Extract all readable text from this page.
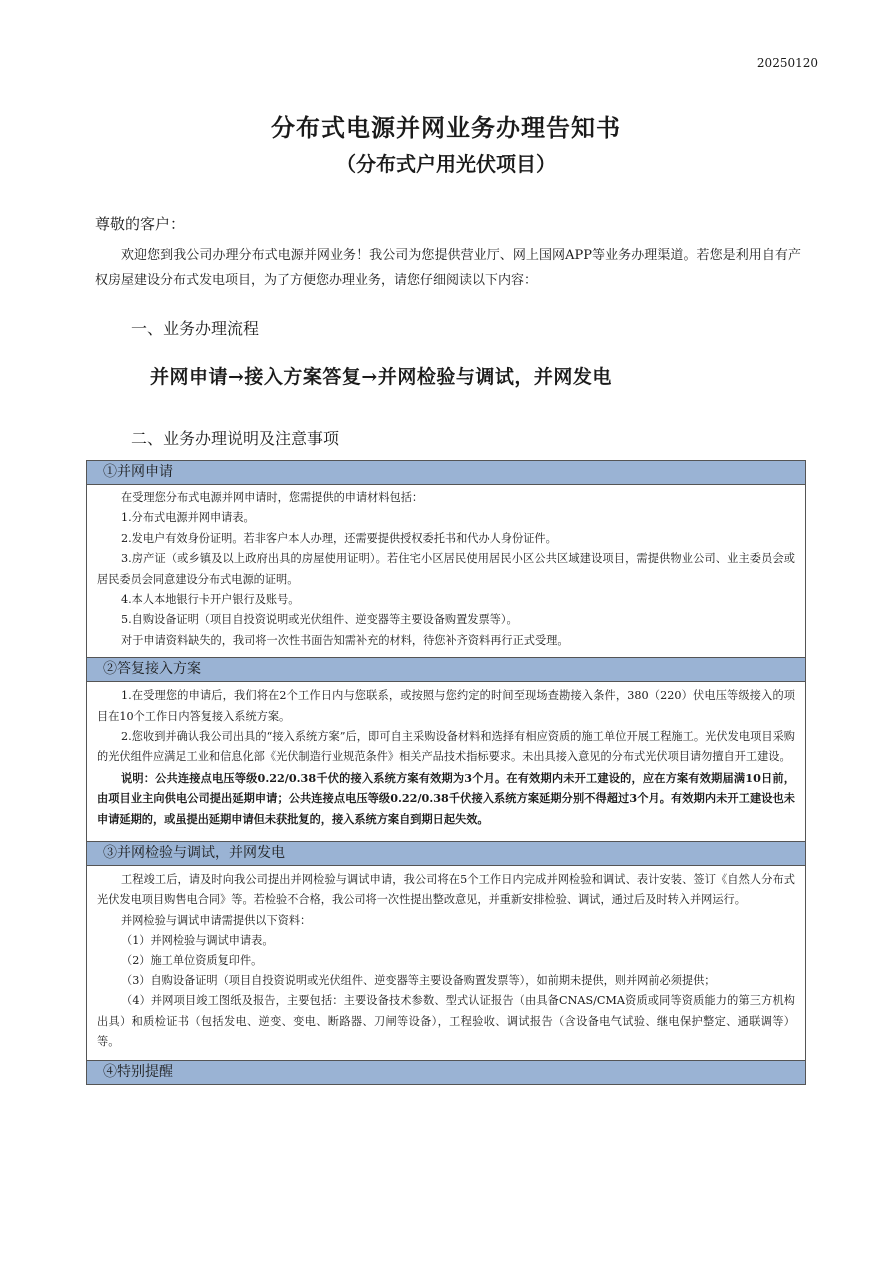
20250120
分布式电源并网业务办理告知书
（分布式户用光伏项目）
尊敬的客户：
欢迎您到我公司办理分布式电源并网业务！我公司为您提供营业厅、网上国网APP等业务办理渠道。若您是利用自有产权房屋建设分布式发电项目，为了方便您办理业务，请您仔细阅读以下内容：
一、业务办理流程
并网申请→接入方案答复→并网检验与调试，并网发电
二、业务办理说明及注意事项
①并网申请

在受理您分布式电源并网申请时，您需提供的申请材料包括：

1.分布式电源并网申请表。

2.发电户有效身份证明。若非客户本人办理，还需要提供授权委托书和代办人身份证件。

3.房产证（或乡镇及以上政府出具的房屋使用证明）。若住宅小区居民使用居民小区公共区域建设项目，需提供物业公司、业主委员会或居民委员会同意建设分布式电源的证明。

4.本人本地银行卡开户银行及账号。

5.自购设备证明（项目自投资说明或光伏组件、逆变器等主要设备购置发票等）。

对于申请资料缺失的，我司将一次性书面告知需补充的材料，待您补齐资料再行正式受理。

②答复接入方案

1.在受理您的申请后，我们将在2个工作日内与您联系，或按照与您约定的时间至现场查勘接入条件，380（220）伏电压等级接入的项目在10个工作日内答复接入系统方案。

2.您收到并确认我公司出具的“接入系统方案”后，即可自主采购设备材料和选择有相应资质的施工单位开展工程施工。光伏发电项目采购的光伏组件应满足工业和信息化部《光伏制造行业规范条件》相关产品技术指标要求。未出具接入意见的分布式光伏项目请勿擅自开工建设。

说明：公共连接点电压等级0.22/0.38千伏的接入系统方案有效期为3个月。在有效期内未开工建设的，应在方案有效期届满10日前，由项目业主向供电公司提出延期申请；公共连接点电压等级0.22/0.38千伏接入系统方案延期分别不得超过3个月。有效期内未开工建设也未申请延期的，或虽提出延期申请但未获批复的，接入系统方案自到期日起失效。

③并网检验与调试，并网发电

工程竣工后，请及时向我公司提出并网检验与调试申请，我公司将在5个工作日内完成并网检验和调试、表计安装、签订《自然人分布式光伏发电项目购售电合同》等。若检验不合格，我公司将一次性提出整改意见，并重新安排检验、调试，通过后及时转入并网运行。

并网检验与调试申请需提供以下资料：

（1）并网检验与调试申请表。

（2）施工单位资质复印件。

（3）自购设备证明（项目自投资说明或光伏组件、逆变器等主要设备购置发票等），如前期未提供，则并网前必须提供；

（4）并网项目竣工图纸及报告，主要包括：主要设备技术参数、型式认证报告（由具备CNAS/CMA资质或同等资质能力的第三方机构出具）和质检证书（包括发电、逆变、变电、断路器、刀闸等设备），工程验收、调试报告（含设备电气试验、继电保护整定、通联调等）等。

④特别提醒
